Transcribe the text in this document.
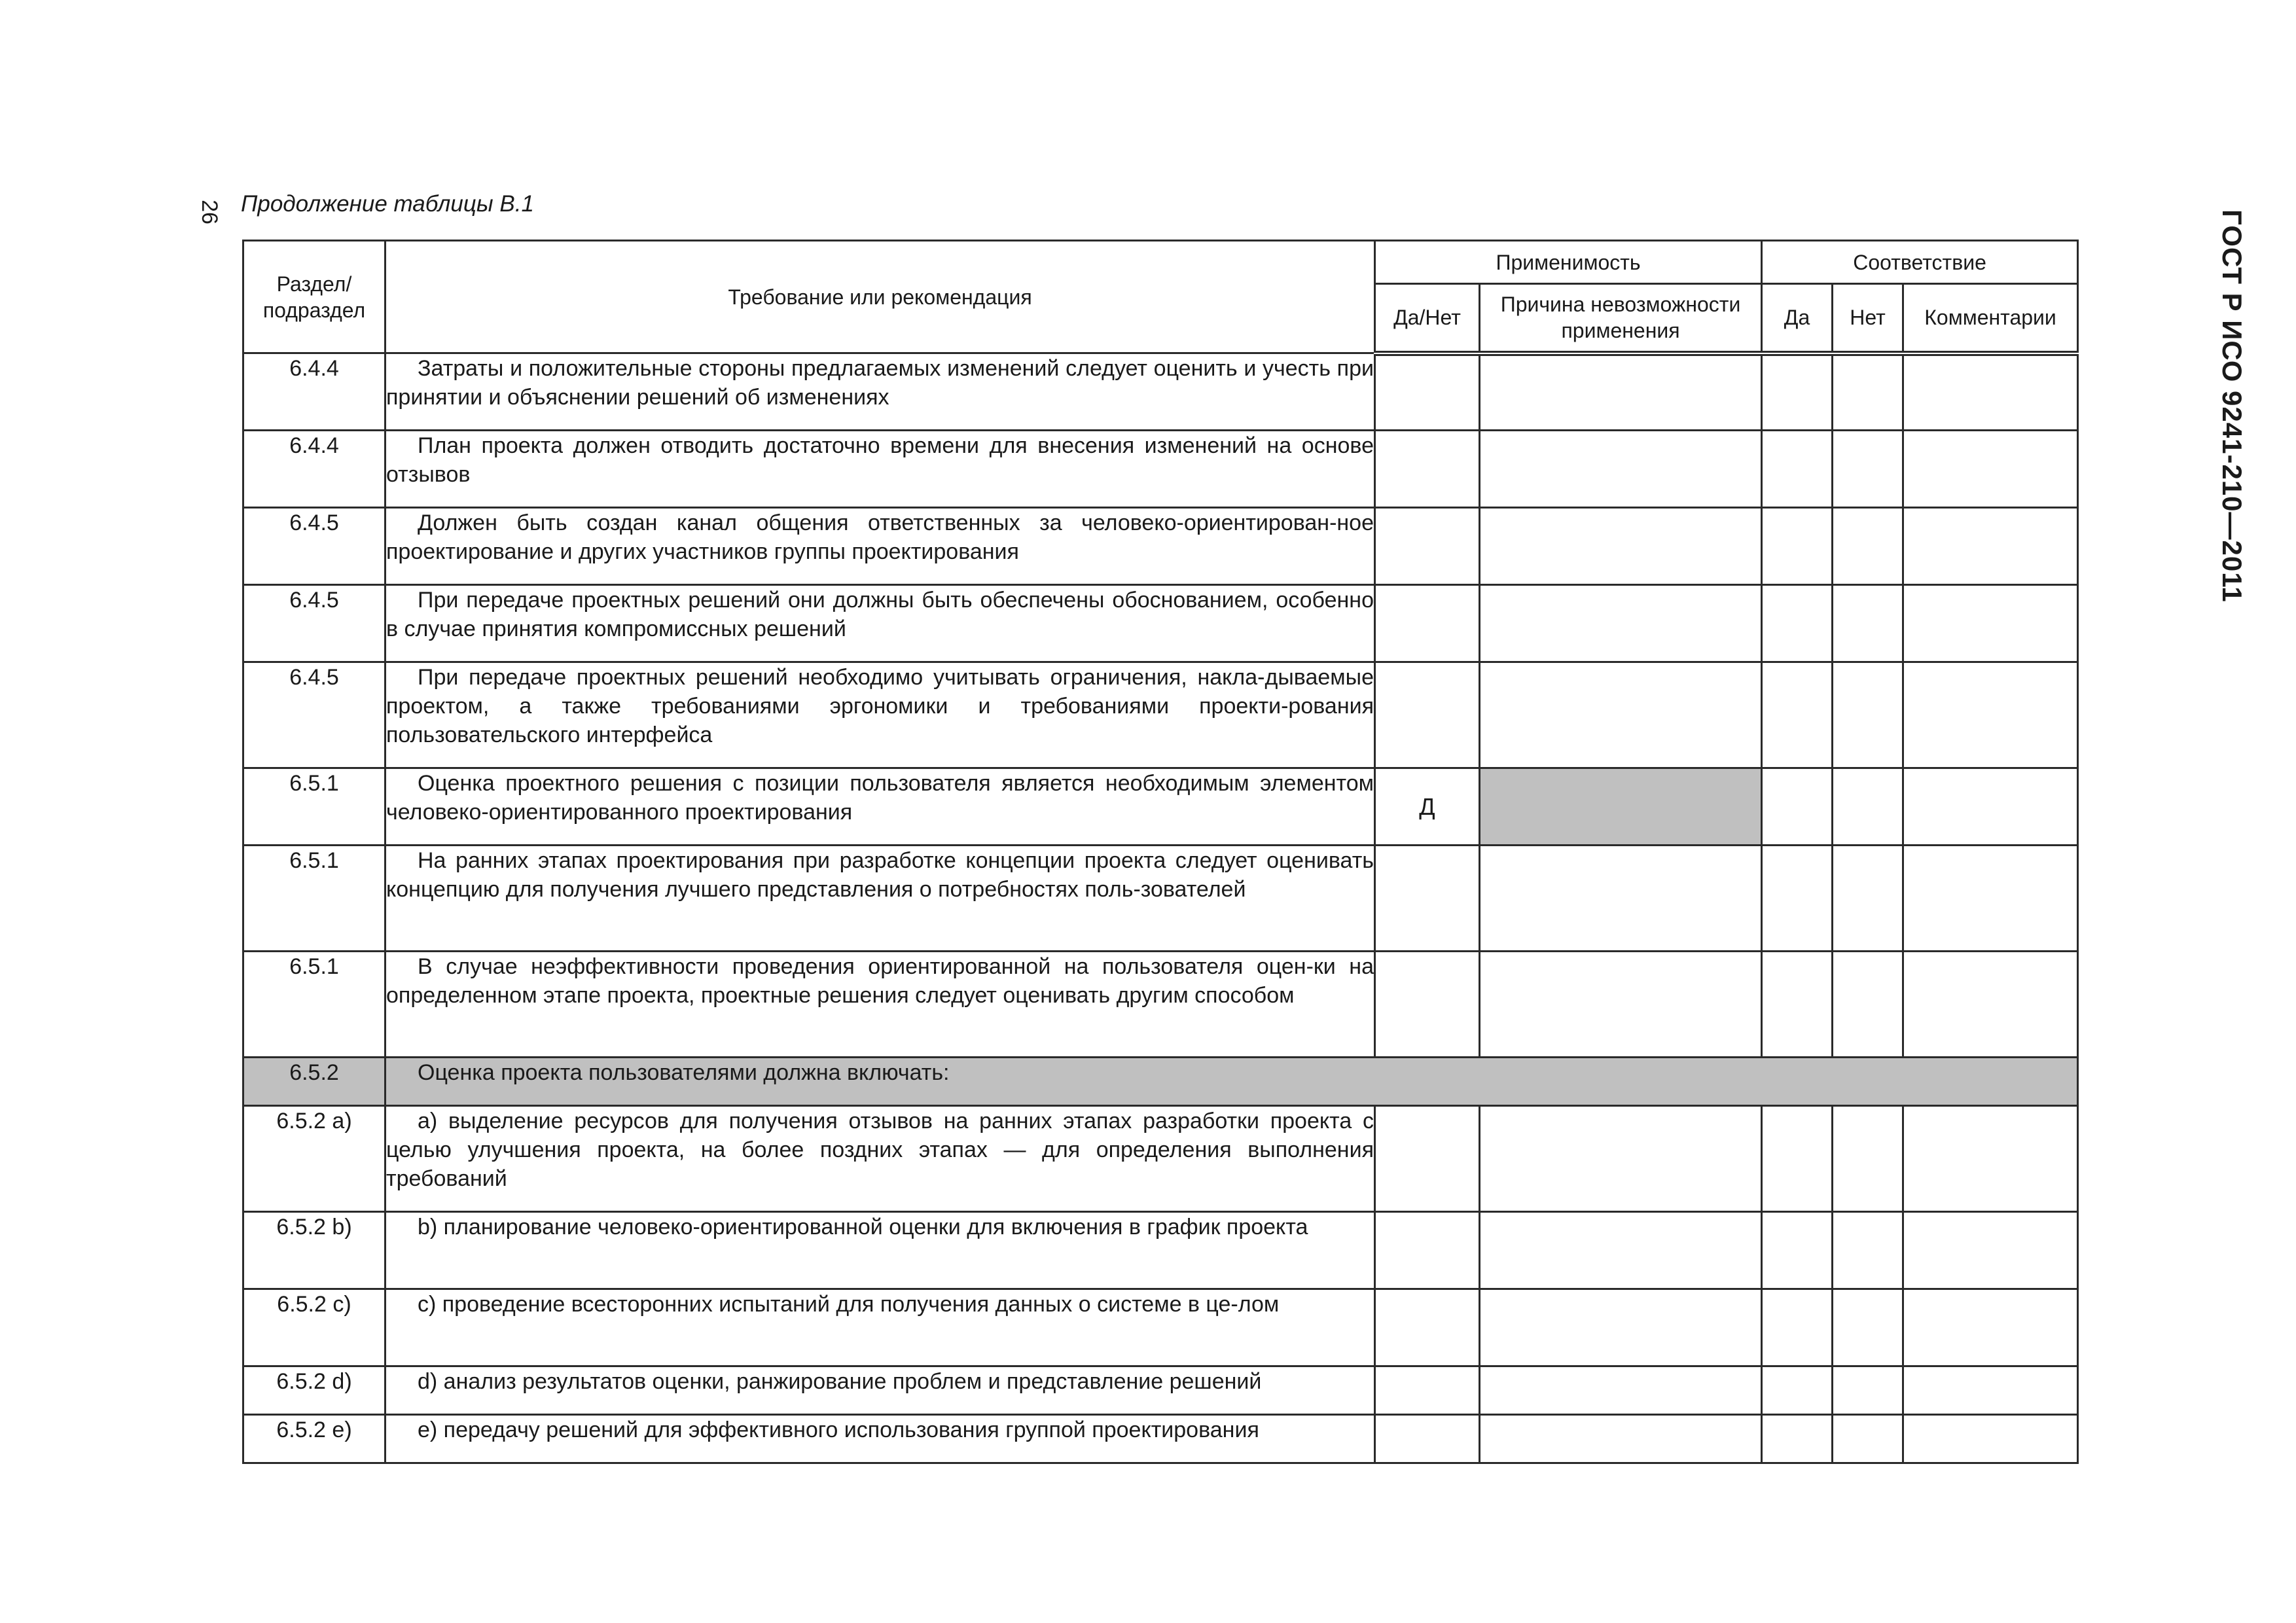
26 Продолжение таблицы В.1
ГОСТ Р ИСО 9241-210—2011
Раздел/ подраздел	Требование или рекомендация	Применимость		Соответствие		
		Да/Нет	Причина невозможности применения	Да	Нет	Комментарии
6.4.4	Затраты и положительные стороны предлагаемых изменений следует оценить и учесть при принятии и объяснении решений об изменениях					
6.4.4	План проекта должен отводить достаточно времени для внесения изменений на основе отзывов					
6.4.5	Должен быть создан канал общения ответственных за человеко-ориентирован-ное проектирование и других участников группы проектирования					
6.4.5	При передаче проектных решений они должны быть обеспечены обоснованием, особенно в случае принятия компромиссных решений					
6.4.5	При передаче проектных решений необходимо учитывать ограничения, накла-дываемые проектом, а также требованиями эргономики и требованиями проекти-рования пользовательского интерфейса					
6.5.1	Оценка проектного решения с позиции пользователя является необходимым элементом человеко-ориентированного проектирования	Д				
6.5.1	На ранних этапах проектирования при разработке концепции проекта следует оценивать концепцию для получения лучшего представления о потребностях поль-зователей					
6.5.1	В случае неэффективности проведения ориентированной на пользователя оцен-ки на определенном этапе проекта, проектные решения следует оценивать другим способом					
6.5.2	Оценка проекта пользователями должна включать:					
6.5.2 a)	a) выделение ресурсов для получения отзывов на ранних этапах разработки проекта с целью улучшения проекта, на более поздних этапах — для определения выполнения требований					
6.5.2 b)	b) планирование человеко-ориентированной оценки для включения в график проекта					
6.5.2 c)	c) проведение всесторонних испытаний для получения данных о системе в це-лом					
6.5.2 d)	d) анализ результатов оценки, ранжирование проблем и представление решений					
6.5.2 e)	e) передачу решений для эффективного использования группой проектирования					
